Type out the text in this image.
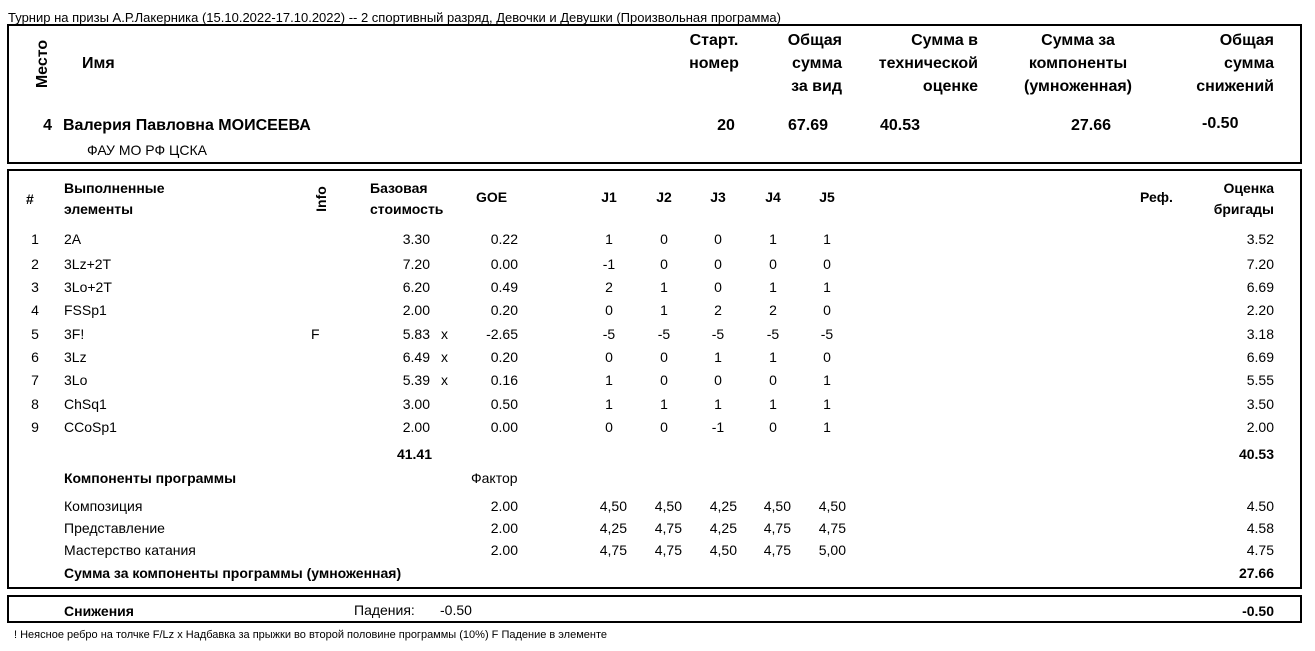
Турнир на призы А.Р.Лакерника (15.10.2022-17.10.2022) -- 2 спортивный разряд, Девочки и Девушки (Произвольная программа)
Место Имя
Старт.
номер
Общая
сумма
за вид
Сумма в
технической
оценке
Сумма за
компоненты
(умноженная)
Общая
сумма
снижений
4 Валерия Павловна МОИСЕЕВА
ФАУ МО РФ ЦСКА
20	67.69	40.53	27.66	-0.50
#
Выполненные
элементы	Info	Базовая
стоимость
GOE	J1	J2	J3	J4	J5	Реф.
Оценка
бригады
1	2A	3.30	0.22	1	0	0	1	1	3.52
2	3Lz+2T	7.20	0.00	-1	0	0	0	0	7.20
3	3Lo+2T	6.20	0.49	2	1	0	1	1	6.69
4	FSSp1	2.00	0.20	0	1	2	2	0	2.20
5	3F!	F	5.83 x	-2.65	-5	-5	-5	-5	-5	3.18
6	3Lz	6.49 x	0.20	0	0	1	1	0	6.69
7	3Lo	5.39 x	0.16	1	0	0	0	1	5.55
8	ChSq1	3.00	0.50	1	1	1	1	1	3.50
9	CCoSp1	2.00	0.00	0	0	-1	0	1	2.00
41.41	40.53
Компоненты программы	Фактор
Композиция	2.00	4,50	4,50	4,25	4,50	4,50	4.50
Представление	2.00	4,25	4,75	4,25	4,75	4,75	4.58
Мастерство катания	2.00	4,75	4,75	4,50	4,75	5,00	4.75
Сумма за компоненты программы (умноженная)	27.66
Снижения	Падения: -0.50	-0.50
! Неясное ребро на толчке F/Lz x Надбавка за прыжки во второй половине программы (10%) F Падение в элементе
